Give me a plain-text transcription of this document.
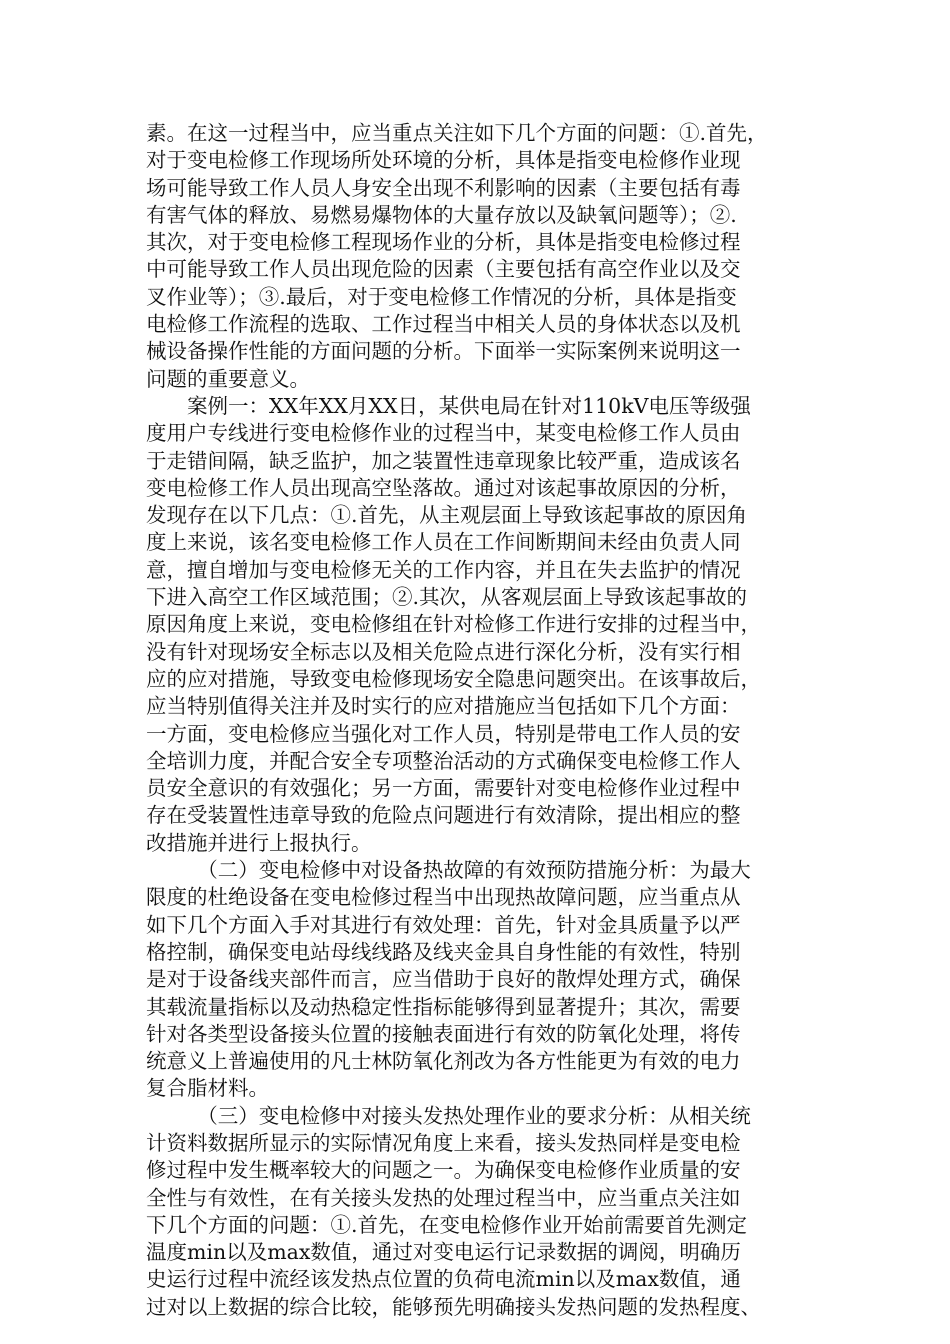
素。在这一过程当中，应当重点关注如下几个方面的问题：①.首先，
对于变电检修工作现场所处环境的分析，具体是指变电检修作业现
场可能导致工作人员人身安全出现不利影响的因素（主要包括有毒
有害气体的释放、易燃易爆物体的大量存放以及缺氧问题等）；②.
其次，对于变电检修工程现场作业的分析，具体是指变电检修过程
中可能导致工作人员出现危险的因素（主要包括有高空作业以及交
叉作业等）；③.最后，对于变电检修工作情况的分析，具体是指变
电检修工作流程的选取、工作过程当中相关人员的身体状态以及机
械设备操作性能的方面问题的分析。下面举一实际案例来说明这一
问题的重要意义。
　　案例一：XX年XX月XX日，某供电局在针对110kV电压等级强
度用户专线进行变电检修作业的过程当中，某变电检修工作人员由
于走错间隔，缺乏监护，加之装置性违章现象比较严重，造成该名
变电检修工作人员出现高空坠落故。通过对该起事故原因的分析，
发现存在以下几点：①.首先，从主观层面上导致该起事故的原因角
度上来说，该名变电检修工作人员在工作间断期间未经由负责人同
意，擅自增加与变电检修无关的工作内容，并且在失去监护的情况
下进入高空工作区域范围；②.其次，从客观层面上导致该起事故的
原因角度上来说，变电检修组在针对检修工作进行安排的过程当中，
没有针对现场安全标志以及相关危险点进行深化分析，没有实行相
应的应对措施，导致变电检修现场安全隐患问题突出。在该事故后，
应当特别值得关注并及时实行的应对措施应当包括如下几个方面：
一方面，变电检修应当强化对工作人员，特别是带电工作人员的安
全培训力度，并配合安全专项整治活动的方式确保变电检修工作人
员安全意识的有效强化；另一方面，需要针对变电检修作业过程中
存在受装置性违章导致的危险点问题进行有效清除，提出相应的整
改措施并进行上报执行。
　　　（二）变电检修中对设备热故障的有效预防措施分析：为最大
限度的杜绝设备在变电检修过程当中出现热故障问题，应当重点从
如下几个方面入手对其进行有效处理：首先，针对金具质量予以严
格控制，确保变电站母线线路及线夹金具自身性能的有效性，特别
是对于设备线夹部件而言，应当借助于良好的散焊处理方式，确保
其载流量指标以及动热稳定性指标能够得到显著提升；其次，需要
针对各类型设备接头位置的接触表面进行有效的防氧化处理，将传
统意义上普遍使用的凡士林防氧化剂改为各方性能更为有效的电力
复合脂材料。
　　　（三）变电检修中对接头发热处理作业的要求分析：从相关统
计资料数据所显示的实际情况角度上来看，接头发热同样是变电检
修过程中发生概率较大的问题之一。为确保变电检修作业质量的安
全性与有效性，在有关接头发热的处理过程当中，应当重点关注如
下几个方面的问题：①.首先，在变电检修作业开始前需要首先测定
温度min以及max数值，通过对变电运行记录数据的调阅，明确历
史运行过程中流经该发热点位置的负荷电流min以及max数值，通
过对以上数据的综合比较，能够预先明确接头发热问题的发热程度、
